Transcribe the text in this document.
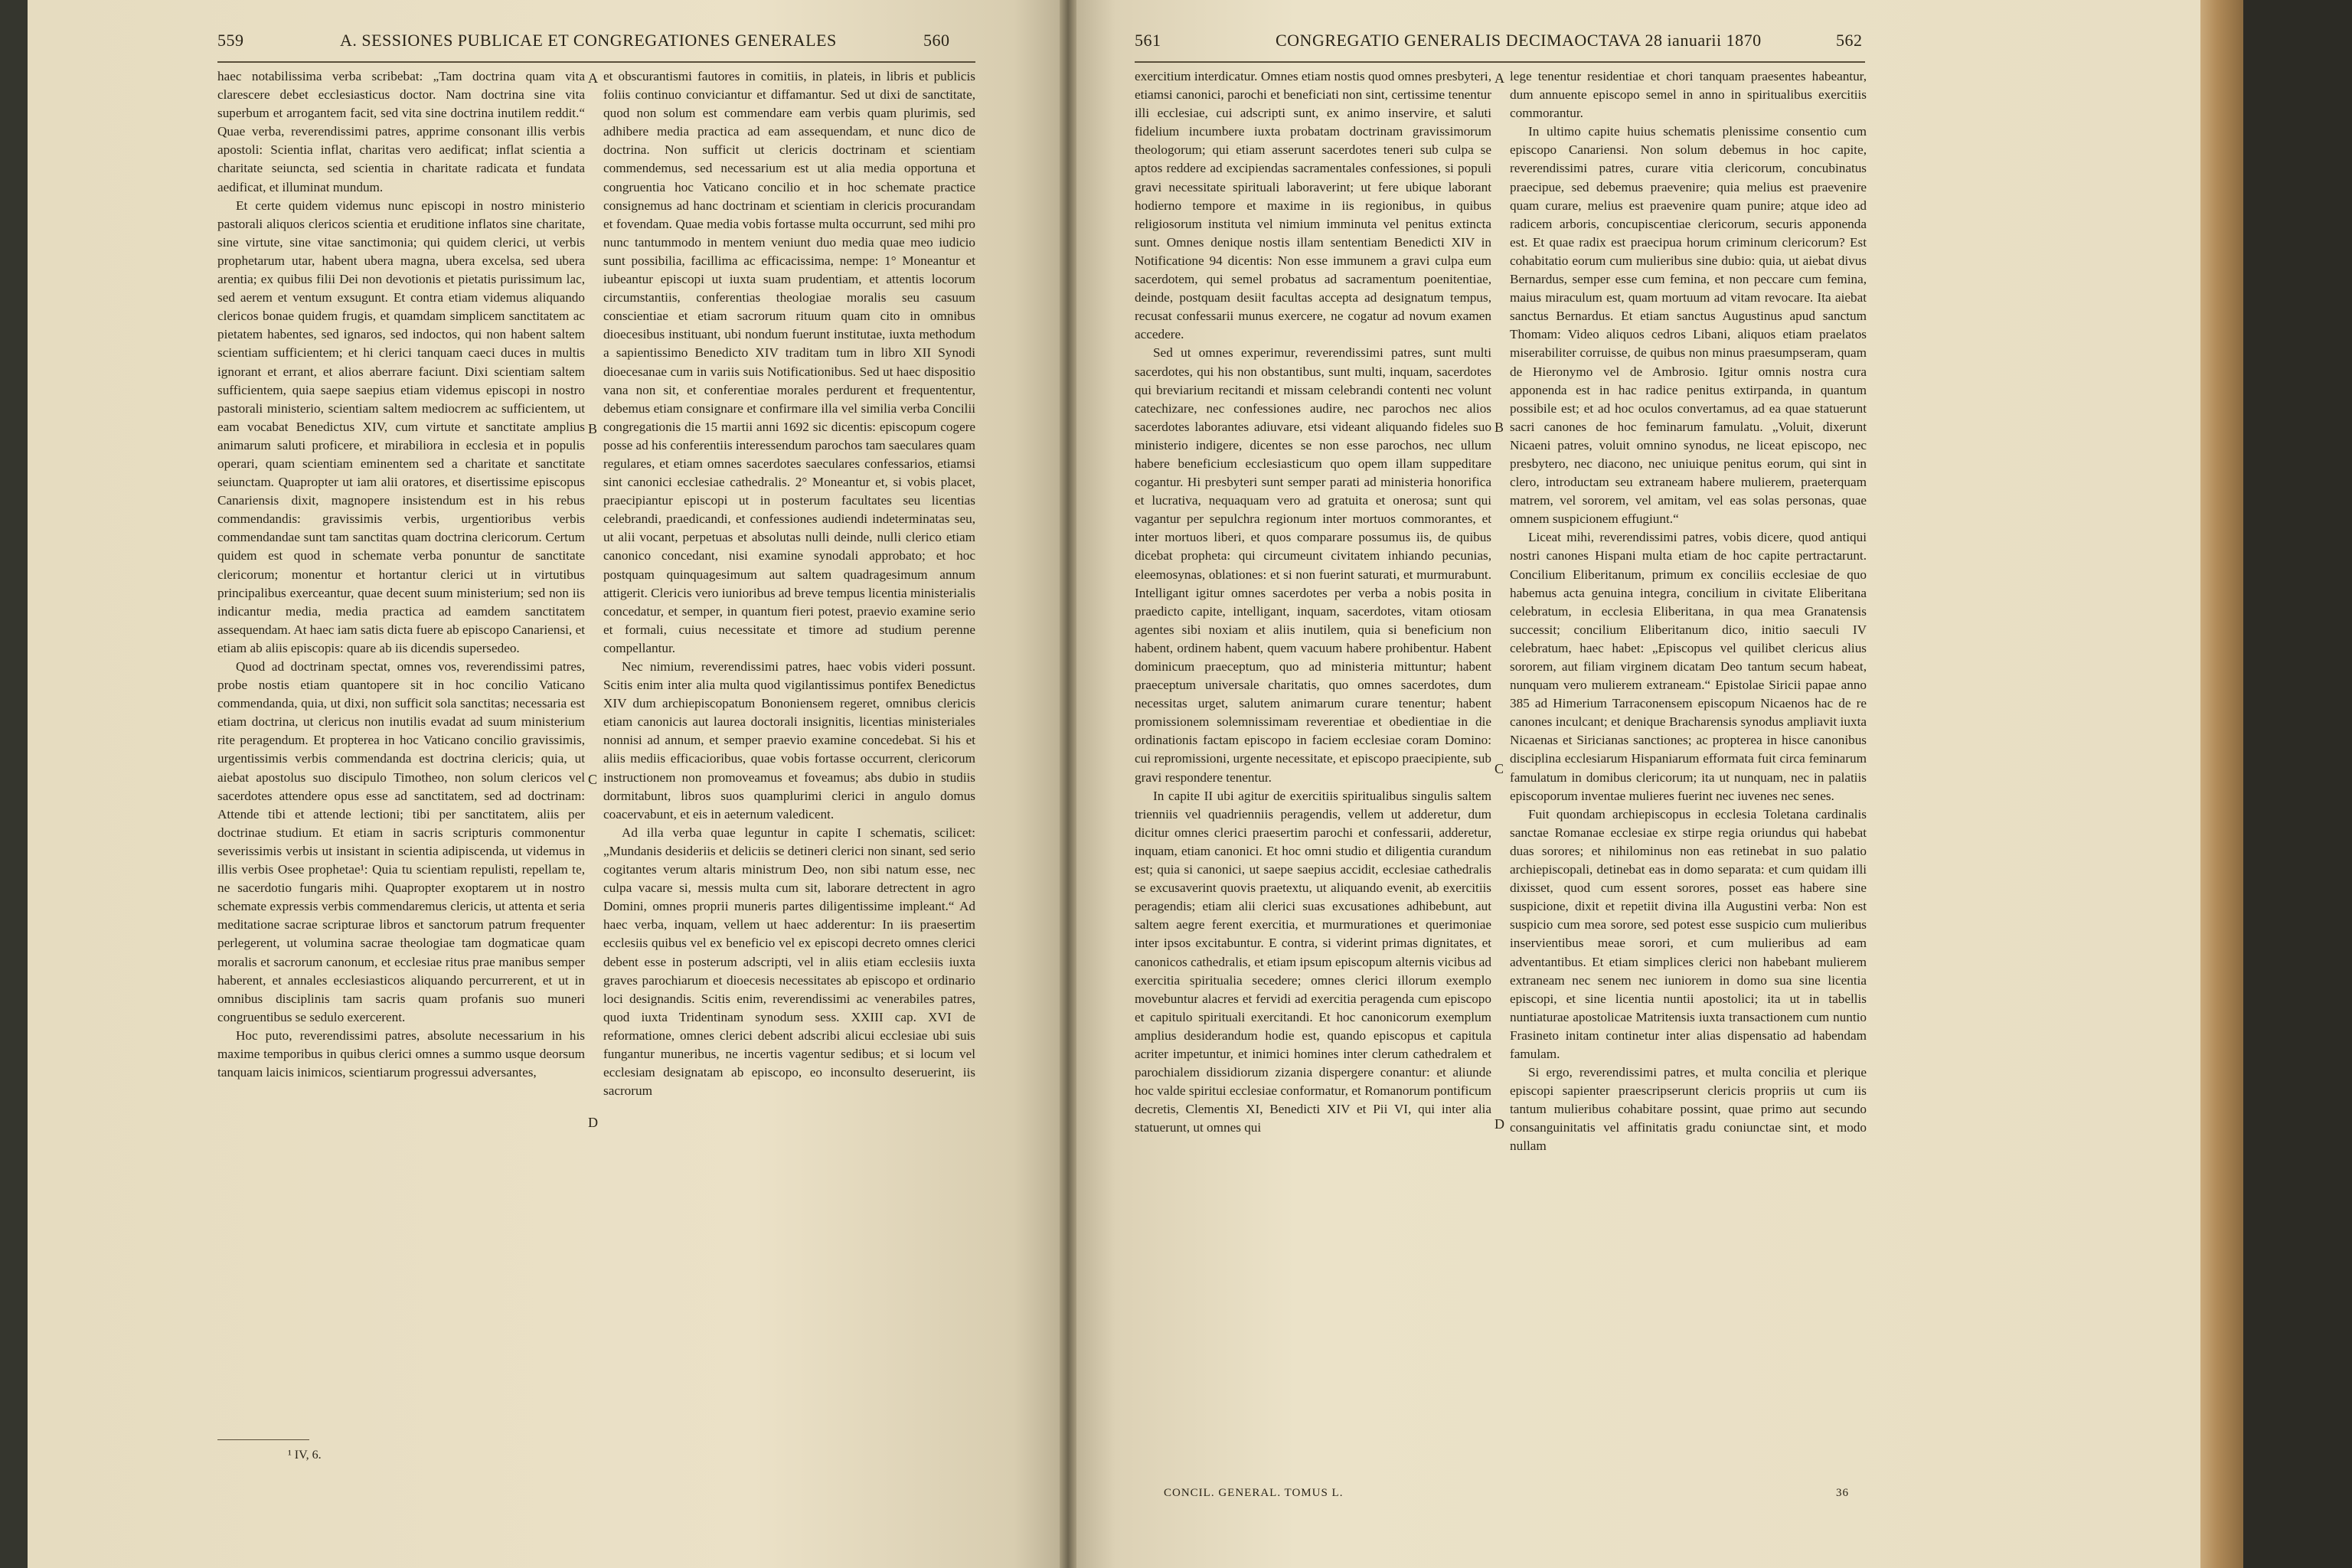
559	A. SESSIONES PUBLICAE ET CONGREGATIONES GENERALES	560

haec notabilissima verba scribebat: „Tam doctrina quam vita clarescere debet ecclesiasticus doctor. Nam doctrina sine vita superbum et arrogantem facit, sed vita sine doctrina inutilem reddit.“ Quae verba, reverendissimi patres, apprime consonant illis verbis apostoli: Scientia inflat, charitas vero aedificat; inflat scientia a charitate seiuncta, sed scientia in charitate radicata et fundata aedificat, et illuminat mundum.

Et certe quidem videmus nunc episcopi in nostro ministerio pastorali aliquos clericos scientia et eruditione inflatos sine charitate, sine virtute, sine vitae sanctimonia; qui quidem clerici, ut verbis prophetarum utar, habent ubera magna, ubera excelsa, sed ubera arentia; ex quibus filii Dei non devotionis et pietatis purissimum lac, sed aerem et ventum exsugunt. Et contra etiam videmus aliquando clericos bonae quidem frugis, et quamdam simplicem sanctitatem ac pietatem habentes, sed ignaros, sed indoctos, qui non habent saltem scientiam sufficientem; et hi clerici tanquam caeci duces in multis ignorant et errant, et alios aberrare faciunt. Dixi scientiam saltem sufficientem, quia saepe saepius etiam videmus episcopi in nostro pastorali ministerio, scientiam saltem mediocrem ac sufficientem, ut eam vocabat Benedictus XIV, cum virtute et sanctitate amplius animarum saluti proficere, et mirabiliora in ecclesia et in populis operari, quam scientiam eminentem sed a charitate et sanctitate seiunctam. Quapropter ut iam alii oratores, et disertissime episcopus Canariensis dixit, magnopere insistendum est in his rebus commendandis: gravissimis verbis, urgentioribus verbis commendandae sunt tam sanctitas quam doctrina clericorum. Certum quidem est quod in schemate verba ponuntur de sanctitate clericorum; monentur et hortantur clerici ut in virtutibus principalibus exerceantur, quae decent suum ministerium; sed non iis indicantur media, media practica ad eamdem sanctitatem assequendam. At haec iam satis dicta fuere ab episcopo Canariensi, et etiam ab aliis episcopis: quare ab iis dicendis supersedeo.

Quod ad doctrinam spectat, omnes vos, reverendissimi patres, probe nostis etiam quantopere sit in hoc concilio Vaticano commendanda, quia, ut dixi, non sufficit sola sanctitas; necessaria est etiam doctrina, ut clericus non inutilis evadat ad suum ministerium rite peragendum. Et propterea in hoc Vaticano concilio gravissimis, urgentissimis verbis commendanda est doctrina clericis; quia, ut aiebat apostolus suo discipulo Timotheo, non solum clericos vel sacerdotes attendere opus esse ad sanctitatem, sed ad doctrinam: Attende tibi et attende lectioni; tibi per sanctitatem, aliis per doctrinae studium. Et etiam in sacris scripturis commonentur severissimis verbis ut insistant in scientia adipiscenda, ut videmus in illis verbis Osee prophetae¹: Quia tu scientiam repulisti, repellam te, ne sacerdotio fungaris mihi. Quapropter exoptarem ut in nostro schemate expressis verbis commendaremus clericis, ut attenta et seria meditatione sacrae scripturae libros et sanctorum patrum frequenter perlegerent, ut volumina sacrae theologiae tam dogmaticae quam moralis et sacrorum canonum, et ecclesiae ritus prae manibus semper haberent, et annales ecclesiasticos aliquando percurrerent, et ut in omnibus disciplinis tam sacris quam profanis suo muneri congruentibus se sedulo exercerent.

Hoc puto, reverendissimi patres, absolute necessarium in his maxime temporibus in quibus clerici omnes a summo usque deorsum tanquam laicis inimicos, scientiarum progressui adversantes,

A
B
C
D

et obscurantismi fautores in comitiis, in plateis, in libris et publicis foliis continuo conviciantur et diffamantur. Sed ut dixi de sanctitate, quod non solum est commendare eam verbis quam plurimis, sed adhibere media practica ad eam assequendam, et nunc dico de doctrina. Non sufficit ut clericis doctrinam et scientiam commendemus, sed necessarium est ut alia media opportuna et congruentia hoc Vaticano concilio et in hoc schemate practice consignemus ad hanc doctrinam et scientiam in clericis procurandam et fovendam. Quae media vobis fortasse multa occurrunt, sed mihi pro nunc tantummodo in mentem veniunt duo media quae meo iudicio sunt possibilia, facillima ac efficacissima, nempe: 1° Moneantur et iubeantur episcopi ut iuxta suam prudentiam, et attentis locorum circumstantiis, conferentias theologiae moralis seu casuum conscientiae et etiam sacrorum rituum quam cito in omnibus dioecesibus instituant, ubi nondum fuerunt institutae, iuxta methodum a sapientissimo Benedicto XIV traditam tum in libro XII Synodi dioecesanae cum in variis suis Notificationibus. Sed ut haec dispositio vana non sit, et conferentiae morales perdurent et frequententur, debemus etiam consignare et confirmare illa vel similia verba Concilii congregationis die 15 martii anni 1692 sic dicentis: episcopum cogere posse ad his conferentiis interessendum parochos tam saeculares quam regulares, et etiam omnes sacerdotes saeculares confessarios, etiamsi sint canonici ecclesiae cathedralis. 2° Moneantur et, si vobis placet, praecipiantur episcopi ut in posterum facultates seu licentias celebrandi, praedicandi, et confessiones audiendi indeterminatas seu, ut alii vocant, perpetuas et absolutas nulli deinde, nulli clerico etiam canonico concedant, nisi examine synodali approbato; et hoc postquam quinquagesimum aut saltem quadragesimum annum attigerit. Clericis vero iunioribus ad breve tempus licentia ministerialis concedatur, et semper, in quantum fieri potest, praevio examine serio et formali, cuius necessitate et timore ad studium perenne compellantur.

Nec nimium, reverendissimi patres, haec vobis videri possunt. Scitis enim inter alia multa quod vigilantissimus pontifex Benedictus XIV dum archiepiscopatum Bononiensem regeret, omnibus clericis etiam canonicis aut laurea doctorali insignitis, licentias ministeriales nonnisi ad annum, et semper praevio examine concedebat. Si his et aliis mediis efficacioribus, quae vobis fortasse occurrent, clericorum instructionem non promoveamus et foveamus; abs dubio in studiis dormitabunt, libros suos quamplurimi clerici in angulo domus coacervabunt, et eis in aeternum valedicent.

Ad illa verba quae leguntur in capite I schematis, scilicet: „Mundanis desideriis et deliciis se detineri clerici non sinant, sed serio cogitantes verum altaris ministrum Deo, non sibi natum esse, nec culpa vacare si, messis multa cum sit, laborare detrectent in agro Domini, omnes proprii muneris partes diligentissime impleant.“ Ad haec verba, inquam, vellem ut haec adderentur: In iis praesertim ecclesiis quibus vel ex beneficio vel ex episcopi decreto omnes clerici debent esse in posterum adscripti, vel in aliis etiam ecclesiis iuxta graves parochiarum et dioecesis necessitates ab episcopo et ordinario loci designandis. Scitis enim, reverendissimi ac venerabiles patres, quod iuxta Tridentinam synodum sess. XXIII cap. XVI de reformatione, omnes clerici debent adscribi alicui ecclesiae ubi suis fungantur muneribus, ne incertis vagentur sedibus; et si locum vel ecclesiam designatam ab episcopo, eo inconsulto deseruerint, iis sacrorum

¹ IV, 6.
561	CONGREGATIO GENERALIS DECIMAOCTAVA 28 ianuarii 1870	562

exercitium interdicatur. Omnes etiam nostis quod omnes presbyteri, etiamsi canonici, parochi et beneficiati non sint, certissime tenentur illi ecclesiae, cui adscripti sunt, ex animo inservire, et saluti fidelium incumbere iuxta probatam doctrinam gravissimorum theologorum; qui etiam asserunt sacerdotes teneri sub culpa se aptos reddere ad excipiendas sacramentales confessiones, si populi gravi necessitate spirituali laboraverint; ut fere ubique laborant hodierno tempore et maxime in iis regionibus, in quibus religiosorum instituta vel nimium imminuta vel penitus extincta sunt. Omnes denique nostis illam sententiam Benedicti XIV in Notificatione 94 dicentis: Non esse immunem a gravi culpa eum sacerdotem, qui semel probatus ad sacramentum poenitentiae, deinde, postquam desiit facultas accepta ad designatum tempus, recusat confessarii munus exercere, ne cogatur ad novum examen accedere.

Sed ut omnes experimur, reverendissimi patres, sunt multi sacerdotes, qui his non obstantibus, sunt multi, inquam, sacerdotes qui breviarium recitandi et missam celebrandi contenti nec volunt catechizare, nec confessiones audire, nec parochos nec alios sacerdotes laborantes adiuvare, etsi videant aliquando fideles suo ministerio indigere, dicentes se non esse parochos, nec ullum habere beneficium ecclesiasticum quo opem illam suppeditare cogantur. Hi presbyteri sunt semper parati ad ministeria honorifica et lucrativa, nequaquam vero ad gratuita et onerosa; sunt qui vagantur per sepulchra regionum inter mortuos commorantes, et inter mortuos liberi, et quos comparare possumus iis, de quibus dicebat propheta: qui circumeunt civitatem inhiando pecunias, eleemosynas, oblationes: et si non fuerint saturati, et murmurabunt. Intelligant igitur omnes sacerdotes per verba a nobis posita in praedicto capite, intelligant, inquam, sacerdotes, vitam otiosam agentes sibi noxiam et aliis inutilem, quia si beneficium non habent, ordinem habent, quem vacuum habere prohibentur. Habent dominicum praeceptum, quo ad ministeria mittuntur; habent praeceptum universale charitatis, quo omnes sacerdotes, dum necessitas urget, salutem animarum curare tenentur; habent promissionem solemnissimam reverentiae et obedientiae in die ordinationis factam episcopo in faciem ecclesiae coram Domino: cui repromissioni, urgente necessitate, et episcopo praecipiente, sub gravi respondere tenentur.

In capite II ubi agitur de exercitiis spiritualibus singulis saltem trienniis vel quadrienniis peragendis, vellem ut adderetur, dum dicitur omnes clerici praesertim parochi et confessarii, adderetur, inquam, etiam canonici. Et hoc omni studio et diligentia curandum est; quia si canonici, ut saepe saepius accidit, ecclesiae cathedralis se excusaverint quovis praetextu, ut aliquando evenit, ab exercitiis peragendis; etiam alii clerici suas excusationes adhibebunt, aut saltem aegre ferent exercitia, et murmurationes et querimoniae inter ipsos excitabuntur. E contra, si viderint primas dignitates, et canonicos cathedralis, et etiam ipsum episcopum alternis vicibus ad exercitia spiritualia secedere; omnes clerici illorum exemplo movebuntur alacres et fervidi ad exercitia peragenda cum episcopo et capitulo spirituali exercitandi. Et hoc canonicorum exemplum amplius desiderandum hodie est, quando episcopus et capitula acriter impetuntur, et inimici homines inter clerum cathedralem et parochialem dissidiorum zizania dispergere conantur: et aliunde hoc valde spiritui ecclesiae conformatur, et Romanorum pontificum decretis, Clementis XI, Benedicti XIV et Pii VI, qui inter alia statuerunt, ut omnes qui

A
B
C
D

lege tenentur residentiae et chori tanquam praesentes habeantur, dum annuente episcopo semel in anno in spiritualibus exercitiis commorantur.

In ultimo capite huius schematis plenissime consentio cum episcopo Canariensi. Non solum debemus in hoc capite, reverendissimi patres, curare vitia clericorum, concubinatus praecipue, sed debemus praevenire; quia melius est praevenire quam curare, melius est praevenire quam punire; atque ideo ad radicem arboris, concupiscentiae clericorum, securis apponenda est. Et quae radix est praecipua horum criminum clericorum? Est cohabitatio eorum cum mulieribus sine dubio: quia, ut aiebat divus Bernardus, semper esse cum femina, et non peccare cum femina, maius miraculum est, quam mortuum ad vitam revocare. Ita aiebat sanctus Bernardus. Et etiam sanctus Augustinus apud sanctum Thomam: Video aliquos cedros Libani, aliquos etiam praelatos miserabiliter corruisse, de quibus non minus praesumpseram, quam de Hieronymo vel de Ambrosio. Igitur omnis nostra cura apponenda est in hac radice penitus extirpanda, in quantum possibile est; et ad hoc oculos convertamus, ad ea quae statuerunt sacri canones de hoc feminarum famulatu. „Voluit, dixerunt Nicaeni patres, voluit omnino synodus, ne liceat episcopo, nec presbytero, nec diacono, nec uniuique penitus eorum, qui sint in clero, introductam seu extraneam habere mulierem, praeterquam matrem, vel sororem, vel amitam, vel eas solas personas, quae omnem suspicionem effugiunt.“

Liceat mihi, reverendissimi patres, vobis dicere, quod antiqui nostri canones Hispani multa etiam de hoc capite pertractarunt. Concilium Eliberitanum, primum ex conciliis ecclesiae de quo habemus acta genuina integra, concilium in civitate Eliberitana celebratum, in ecclesia Eliberitana, in qua mea Granatensis successit; concilium Eliberitanum dico, initio saeculi IV celebratum, haec habet: „Episcopus vel quilibet clericus alius sororem, aut filiam virginem dicatam Deo tantum secum habeat, nunquam vero mulierem extraneam.“ Epistolae Siricii papae anno 385 ad Himerium Tarraconensem episcopum Nicaenos hac de re canones inculcant; et denique Bracharensis synodus ampliavit iuxta Nicaenas et Siricianas sanctiones; ac propterea in hisce canonibus disciplina ecclesiarum Hispaniarum efformata fuit circa feminarum famulatum in domibus clericorum; ita ut nunquam, nec in palatiis episcoporum inventae mulieres fuerint nec iuvenes nec senes.

Fuit quondam archiepiscopus in ecclesia Toletana cardinalis sanctae Romanae ecclesiae ex stirpe regia oriundus qui habebat duas sorores; et nihilominus non eas retinebat in suo palatio archiepiscopali, detinebat eas in domo separata: et cum quidam illi dixisset, quod cum essent sorores, posset eas habere sine suspicione, dixit et repetiit divina illa Augustini verba: Non est suspicio cum mea sorore, sed potest esse suspicio cum mulieribus inservientibus meae sorori, et cum mulieribus ad eam adventantibus. Et etiam simplices clerici non habebant mulierem extraneam nec senem nec iuniorem in domo sua sine licentia episcopi, et sine licentia nuntii apostolici; ita ut in tabellis nuntiaturae apostolicae Matritensis iuxta transactionem cum nuntio Frasineto initam continetur inter alias dispensatio ad habendam famulam.

Si ergo, reverendissimi patres, et multa concilia et plerique episcopi sapienter praescripserunt clericis propriis ut cum iis tantum mulieribus cohabitare possint, quae primo aut secundo consanguinitatis vel affinitatis gradu coniunctae sint, et modo nullam

CONCIL. GENERAL. TOMUS L.	36
